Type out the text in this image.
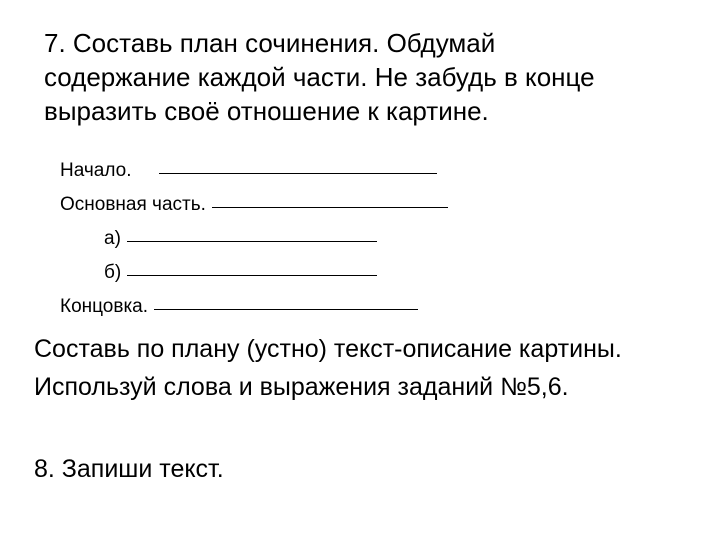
7. Составь план сочинения. Обдумай
содержание каждой части. Не забудь в конце
выразить своё отношение к картине.
Начало.
Основная часть.
а)
б)
Концовка.
Составь по плану (устно) текст-описание картины.
Используй слова и выражения заданий №5,6.
8. Запиши текст.
